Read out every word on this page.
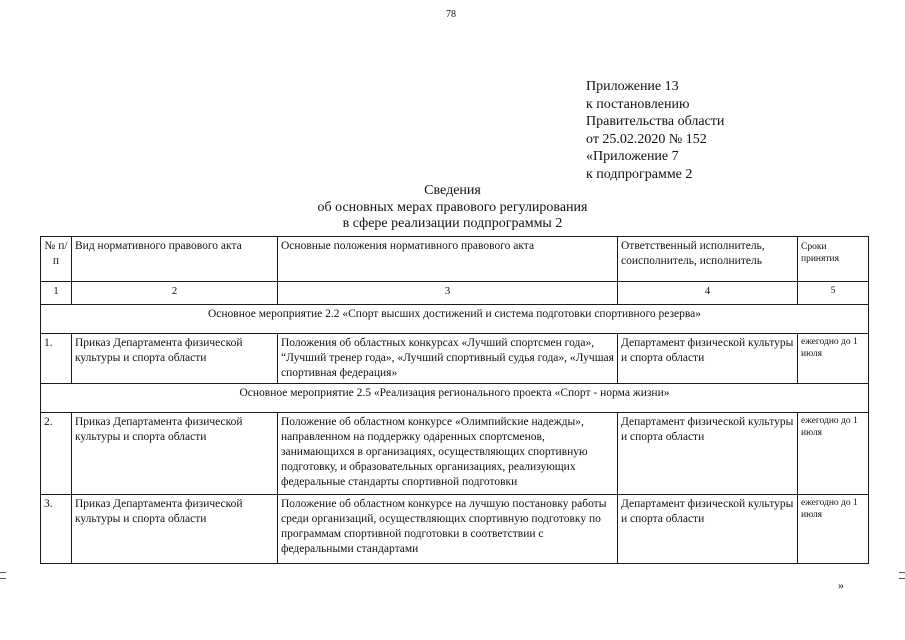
78
Приложение 13
к постановлению
Правительства области
от 25.02.2020 № 152
«Приложение 7
к подпрограмме 2
Сведения
об основных мерах правового регулирования
в сфере реализации подпрограммы 2
№ п/п	Вид нормативного правового акта	Основные положения нормативного правового акта	Ответственный исполнитель, соисполнитель, исполнитель	Сроки принятия
1	2	3	4	5
Основное мероприятие 2.2 «Спорт высших достижений и система подготовки спортивного резерва»				
1.	Приказ Департамента физической культуры и спорта области	Положения об областных конкурсах «Лучший спортсмен года», “Лучший тренер года», «Лучший спортивный судья года», «Лучшая спортивная федерация»	Департамент физической культуры и спорта области	ежегодно до 1 июля
Основное мероприятие 2.5 «Реализация регионального проекта «Спорт - норма жизни»				
2.	Приказ Департамента физической культуры и спорта области	Положение об областном конкурсе «Олимпийские надежды», направленном на поддержку одаренных спортсменов, занимающихся в организациях, осуществляющих спортивную подготовку, и образовательных организациях, реализующих федеральные стандарты спортивной подготовки	Департамент физической культуры и спорта области	ежегодно до 1 июля
3.	Приказ Департамента физической культуры и спорта области	Положение об областном конкурсе на лучшую постановку работы среди организаций, осуществляющих спортивную подготовку по программам спортивной подготовки в соответствии с федеральными стандартами	Департамент физической культуры и спорта области	ежегодно до 1 июля
»
